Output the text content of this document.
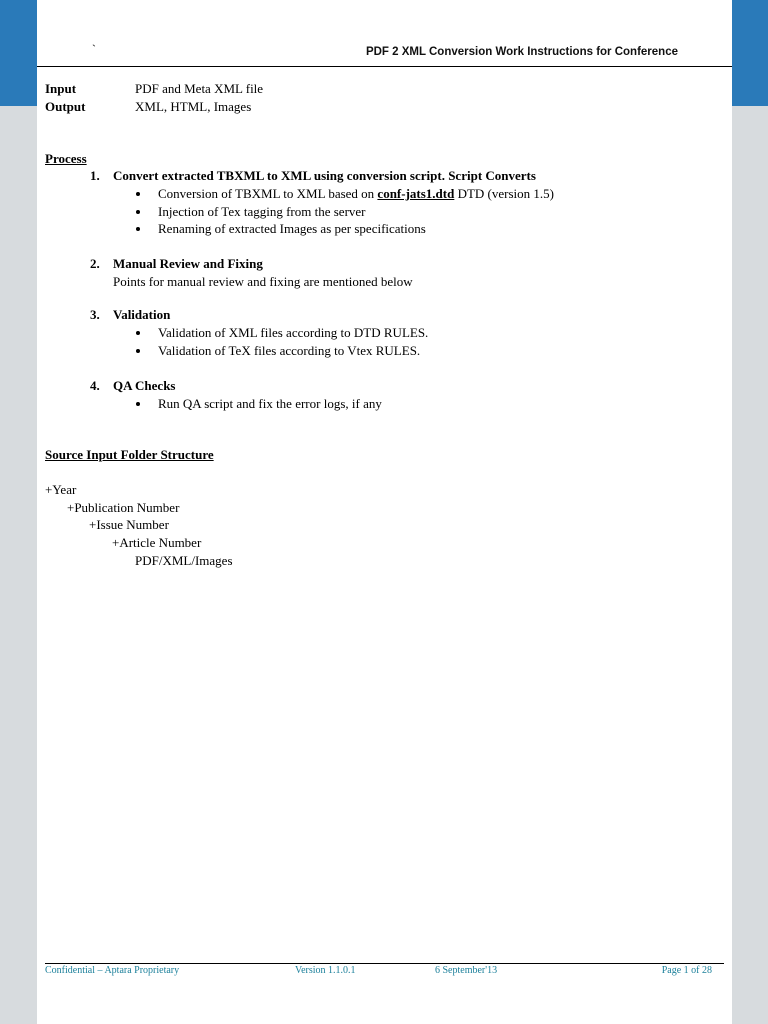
`	PDF 2 XML Conversion Work Instructions for Conference
Input	PDF and Meta XML file
Output	XML, HTML, Images
Process
1. Convert extracted TBXML to XML using conversion script. Script Converts
Conversion of TBXML to XML based on conf-jats1.dtd DTD (version 1.5)
Injection of Tex tagging from the server
Renaming of extracted Images as per specifications
2. Manual Review and Fixing
Points for manual review and fixing are mentioned below
3. Validation
Validation of XML files according to DTD RULES.
Validation of TeX files according to Vtex RULES.
4. QA Checks
Run QA script and fix the error logs, if any
Source Input Folder Structure
+Year
+Publication Number
+Issue Number
+Article Number
PDF/XML/Images
Confidential – Aptara Proprietary	Version 1.1.0.1	6 September'13	Page 1 of 28
